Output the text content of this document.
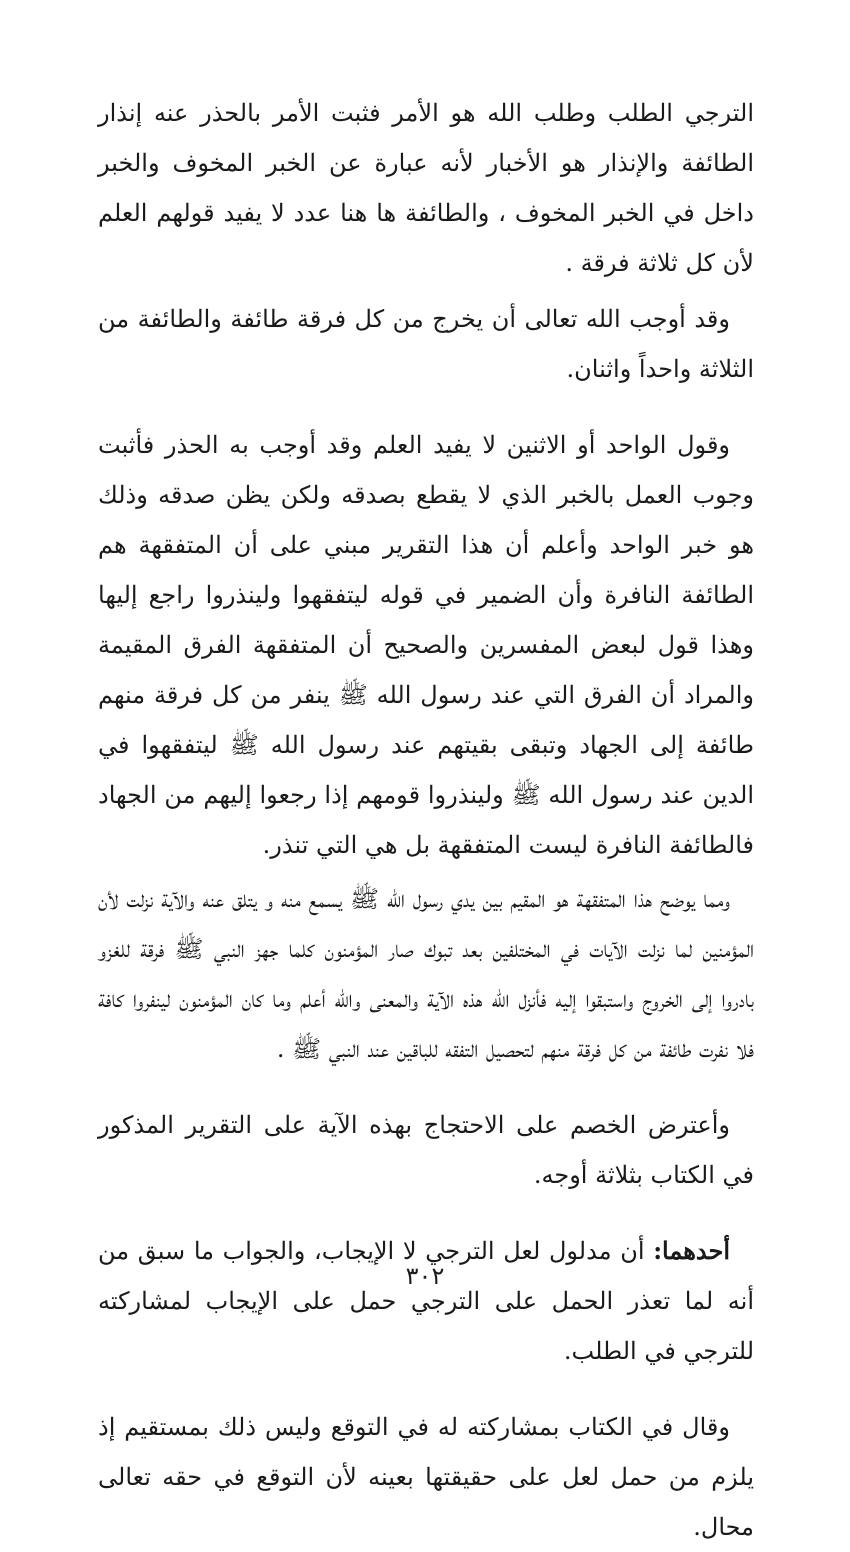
الترجي الطلب وطلب الله هو الأمر فثبت الأمر بالحذر عنه إنذار الطائفة والإنذار هو الأخبار لأنه عبارة عن الخبر المخوف والخبر داخل في الخبر المخوف ، والطائفة ها هنا عدد لا يفيد قولهم العلم لأن كل ثلاثة فرقة .

وقد أوجب الله تعالى أن يخرج من كل فرقة طائفة والطائفة من الثلاثة واحداً واثنان.

وقول الواحد أو الاثنين لا يفيد العلم وقد أوجب به الحذر فأثبت وجوب العمل بالخبر الذي لا يقطع بصدقه ولكن يظن صدقه وذلك هو خبر الواحد وأعلم أن هذا التقرير مبني على أن المتفقهة هم الطائفة النافرة وأن الضمير في قوله ليتفقهوا ولينذروا راجع إليها وهذا قول لبعض المفسرين والصحيح أن المتفقهة الفرق المقيمة والمراد أن الفرق التي عند رسول الله ﷺ ينفر من كل فرقة منهم طائفة إلى الجهاد وتبقى بقيتهم عند رسول الله ﷺ ليتفقهوا في الدين عند رسول الله ﷺ ولينذروا قومهم إذا رجعوا إليهم من الجهاد فالطائفة النافرة ليست المتفقهة بل هي التي تنذر.

ومما يوضح هذا المتفقهة هو المقيم بين يدي رسول الله ﷺ يسمع منه و يتلق عنه والآية نزلت لأن المؤمنين لما نزلت الآيات في المختلفين بعد تبوك صار المؤمنون كلما جهز النبي ﷺ فرقة للغزو بادروا إلى الخروج واستبقوا إليه فأنزل الله هذه الآية والمعنى والله أعلم وما كان المؤمنون لينفروا كافة فلا نفرت طائفة من كل فرقة منهم لتحصيل التفقه للباقين عند النبي ﷺ .

وأعترض الخصم على الاحتجاج بهذه الآية على التقرير المذكور في الكتاب بثلاثة أوجه.

أحدهما: أن مدلول لعل الترجي لا الإيجاب، والجواب ما سبق من أنه لما تعذر الحمل على الترجي حمل على الإيجاب لمشاركته للترجي في الطلب.

وقال في الكتاب بمشاركته له في التوقع وليس ذلك بمستقيم إذ يلزم من حمل لعل على حقيقتها بعينه لأن التوقع في حقه تعالى محال.

٣٠٢
